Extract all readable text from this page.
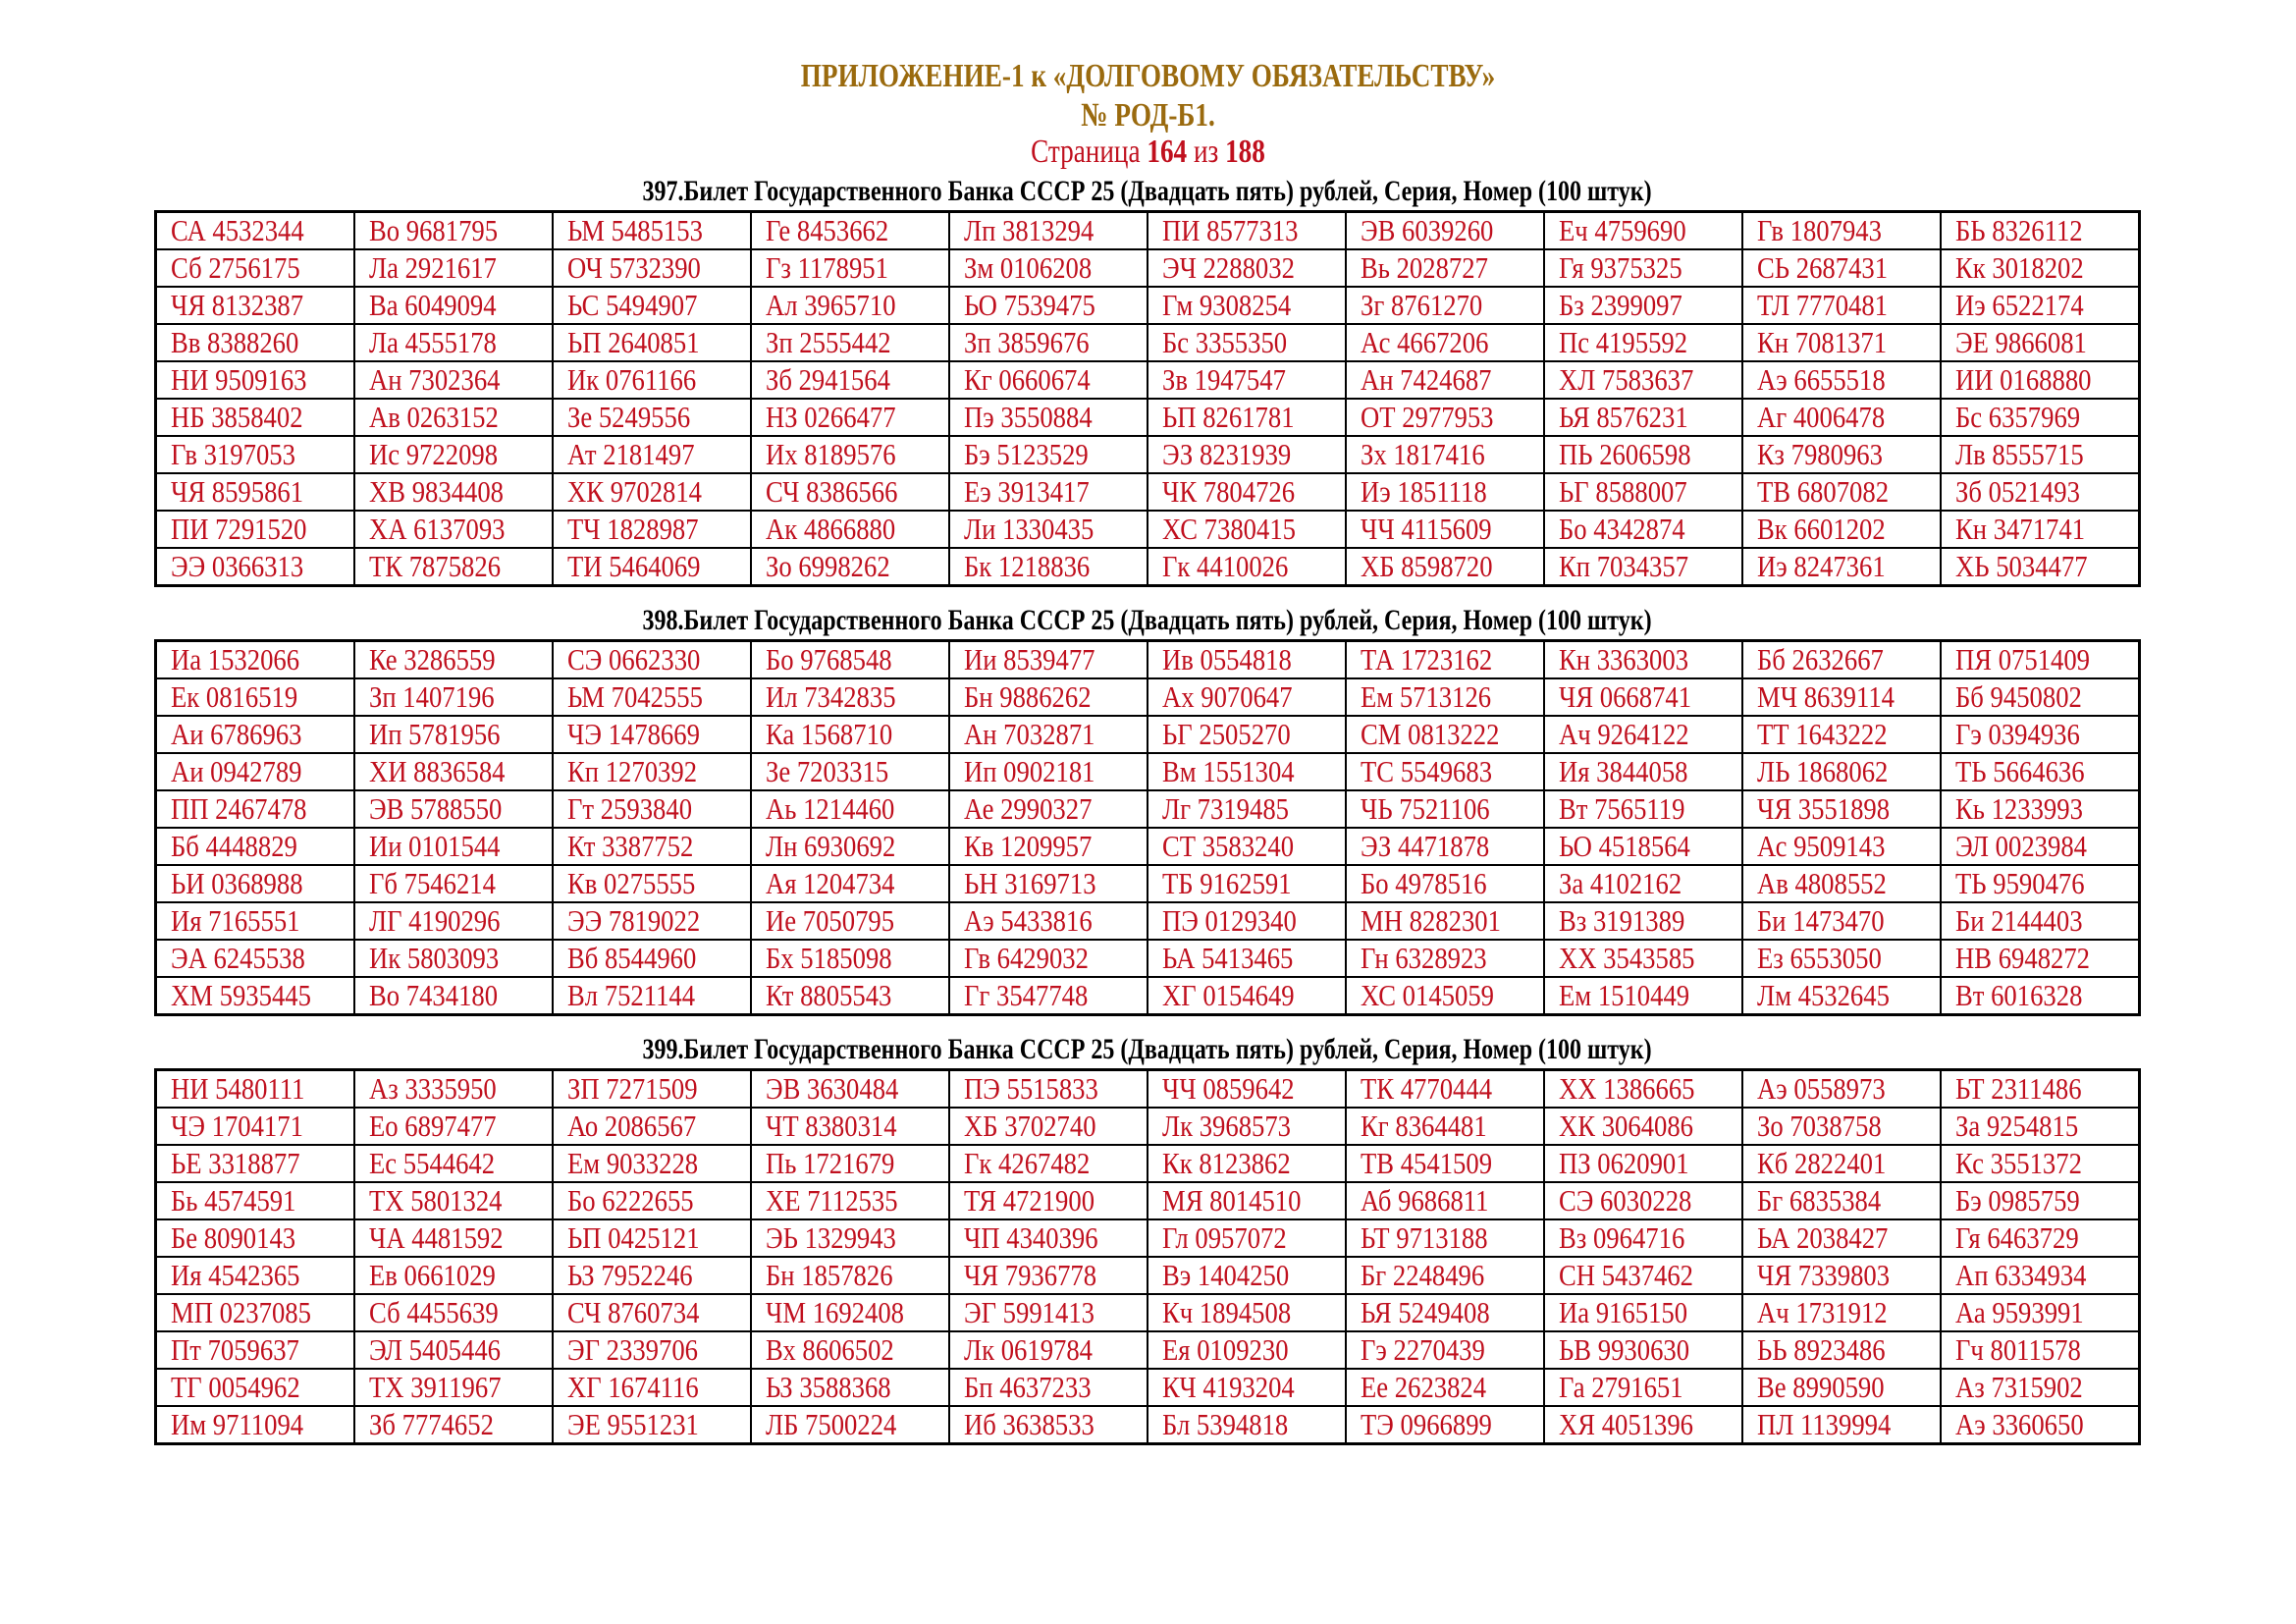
ПРИЛОЖЕНИЕ-1 к «ДОЛГОВОМУ ОБЯЗАТЕЛЬСТВУ»
№ РОД-Б1.
Страница 164 из 188
397.Билет Государственного Банка СССР 25 (Двадцать пять) рублей, Серия, Номер (100 штук)
СА 4532344	Во 9681795	ЬМ 5485153	Ге 8453662	Лп 3813294	ПИ 8577313	ЭВ 6039260	Еч 4759690	Гв 1807943	БЬ 8326112
Сб 2756175	Ла 2921617	ОЧ 5732390	Гз 1178951	Зм 0106208	ЭЧ 2288032	Вь 2028727	Гя 9375325	СЬ 2687431	Кк 3018202
ЧЯ 8132387	Ва 6049094	ЬС 5494907	Ал 3965710	ЬО 7539475	Гм 9308254	Зг 8761270	Бз 2399097	ТЛ 7770481	Иэ 6522174
Вв 8388260	Ла 4555178	ЬП 2640851	Зп 2555442	Зп 3859676	Бс 3355350	Ас 4667206	Пс 4195592	Кн 7081371	ЭЕ 9866081
НИ 9509163	Ан 7302364	Ик 0761166	Зб 2941564	Кг 0660674	Зв 1947547	Ан 7424687	ХЛ 7583637	Аэ 6655518	ИИ 0168880
НБ 3858402	Ав 0263152	Зе 5249556	НЗ 0266477	Пэ 3550884	ЬП 8261781	ОТ 2977953	ЬЯ 8576231	Аг 4006478	Бс 6357969
Гв 3197053	Ис 9722098	Ат 2181497	Их 8189576	Бэ 5123529	ЭЗ 8231939	Зх 1817416	ПЬ 2606598	Кз 7980963	Лв 8555715
ЧЯ 8595861	ХВ 9834408	ХК 9702814	СЧ 8386566	Еэ 3913417	ЧК 7804726	Иэ 1851118	ЬГ 8588007	ТВ 6807082	Зб 0521493
ПИ 7291520	ХА 6137093	ТЧ 1828987	Ак 4866880	Ли 1330435	ХС 7380415	ЧЧ 4115609	Бо 4342874	Вк 6601202	Кн 3471741
ЭЭ 0366313	ТК 7875826	ТИ 5464069	Зо 6998262	Бк 1218836	Гк 4410026	ХБ 8598720	Кп 7034357	Иэ 8247361	ХЬ 5034477
398.Билет Государственного Банка СССР 25 (Двадцать пять) рублей, Серия, Номер (100 штук)
Иа 1532066	Ке 3286559	СЭ 0662330	Бо 9768548	Ии 8539477	Ив 0554818	ТА 1723162	Кн 3363003	Бб 2632667	ПЯ 0751409
Ек 0816519	Зп 1407196	ЬМ 7042555	Ил 7342835	Бн 9886262	Ах 9070647	Ем 5713126	ЧЯ 0668741	МЧ 8639114	Бб 9450802
Аи 6786963	Ип 5781956	ЧЭ 1478669	Ка 1568710	Ан 7032871	ЬГ 2505270	СМ 0813222	Ач 9264122	ТТ 1643222	Гэ 0394936
Аи 0942789	ХИ 8836584	Кп 1270392	Зе 7203315	Ип 0902181	Вм 1551304	ТС 5549683	Ия 3844058	ЛЬ 1868062	ТЬ 5664636
ПП 2467478	ЭВ 5788550	Гт 2593840	Аь 1214460	Ае 2990327	Лг 7319485	ЧЬ 7521106	Вт 7565119	ЧЯ 3551898	Кь 1233993
Бб 4448829	Ии 0101544	Кт 3387752	Лн 6930692	Кв 1209957	СТ 3583240	ЭЗ 4471878	ЬО 4518564	Ас 9509143	ЭЛ 0023984
ЬИ 0368988	Гб 7546214	Кв 0275555	Ая 1204734	ЬН 3169713	ТБ 9162591	Бо 4978516	За 4102162	Ав 4808552	ТЬ 9590476
Ия 7165551	ЛГ 4190296	ЭЭ 7819022	Ие 7050795	Аэ 5433816	ПЭ 0129340	МН 8282301	Вз 3191389	Би 1473470	Би 2144403
ЭА 6245538	Ик 5803093	Вб 8544960	Бх 5185098	Гв 6429032	ЬА 5413465	Гн 6328923	ХХ 3543585	Ез 6553050	НВ 6948272
ХМ 5935445	Во 7434180	Вл 7521144	Кт 8805543	Гг 3547748	ХГ 0154649	ХС 0145059	Ем 1510449	Лм 4532645	Вт 6016328
399.Билет Государственного Банка СССР 25 (Двадцать пять) рублей, Серия, Номер (100 штук)
НИ 5480111	Аз 3335950	ЗП 7271509	ЭВ 3630484	ПЭ 5515833	ЧЧ 0859642	ТК 4770444	ХХ 1386665	Аэ 0558973	ЬТ 2311486
ЧЭ 1704171	Ео 6897477	Ао 2086567	ЧТ 8380314	ХБ 3702740	Лк 3968573	Кг 8364481	ХК 3064086	Зо 7038758	За 9254815
ЬЕ 3318877	Ес 5544642	Ем 9033228	Пь 1721679	Гк 4267482	Кк 8123862	ТВ 4541509	ПЗ 0620901	Кб 2822401	Кс 3551372
Бь 4574591	ТХ 5801324	Бо 6222655	ХЕ 7112535	ТЯ 4721900	МЯ 8014510	Аб 9686811	СЭ 6030228	Бг 6835384	Бэ 0985759
Бе 8090143	ЧА 4481592	ЬП 0425121	ЭЬ 1329943	ЧП 4340396	Гл 0957072	ЬТ 9713188	Вз 0964716	ЬА 2038427	Гя 6463729
Ия 4542365	Ев 0661029	ЬЗ 7952246	Бн 1857826	ЧЯ 7936778	Вэ 1404250	Бг 2248496	СН 5437462	ЧЯ 7339803	Ап 6334934
МП 0237085	Сб 4455639	СЧ 8760734	ЧМ 1692408	ЭГ 5991413	Кч 1894508	ЬЯ 5249408	Иа 9165150	Ач 1731912	Аа 9593991
Пт 7059637	ЭЛ 5405446	ЭГ 2339706	Вх 8606502	Лк 0619784	Ея 0109230	Гэ 2270439	ЬВ 9930630	ЬЬ 8923486	Гч 8011578
ТГ 0054962	ТХ 3911967	ХГ 1674116	ЬЗ 3588368	Бп 4637233	КЧ 4193204	Ее 2623824	Га 2791651	Ве 8990590	Аз 7315902
Им 9711094	Зб 7774652	ЭЕ 9551231	ЛБ 7500224	Иб 3638533	Бл 5394818	ТЭ 0966899	ХЯ 4051396	ПЛ 1139994	Аэ 3360650
